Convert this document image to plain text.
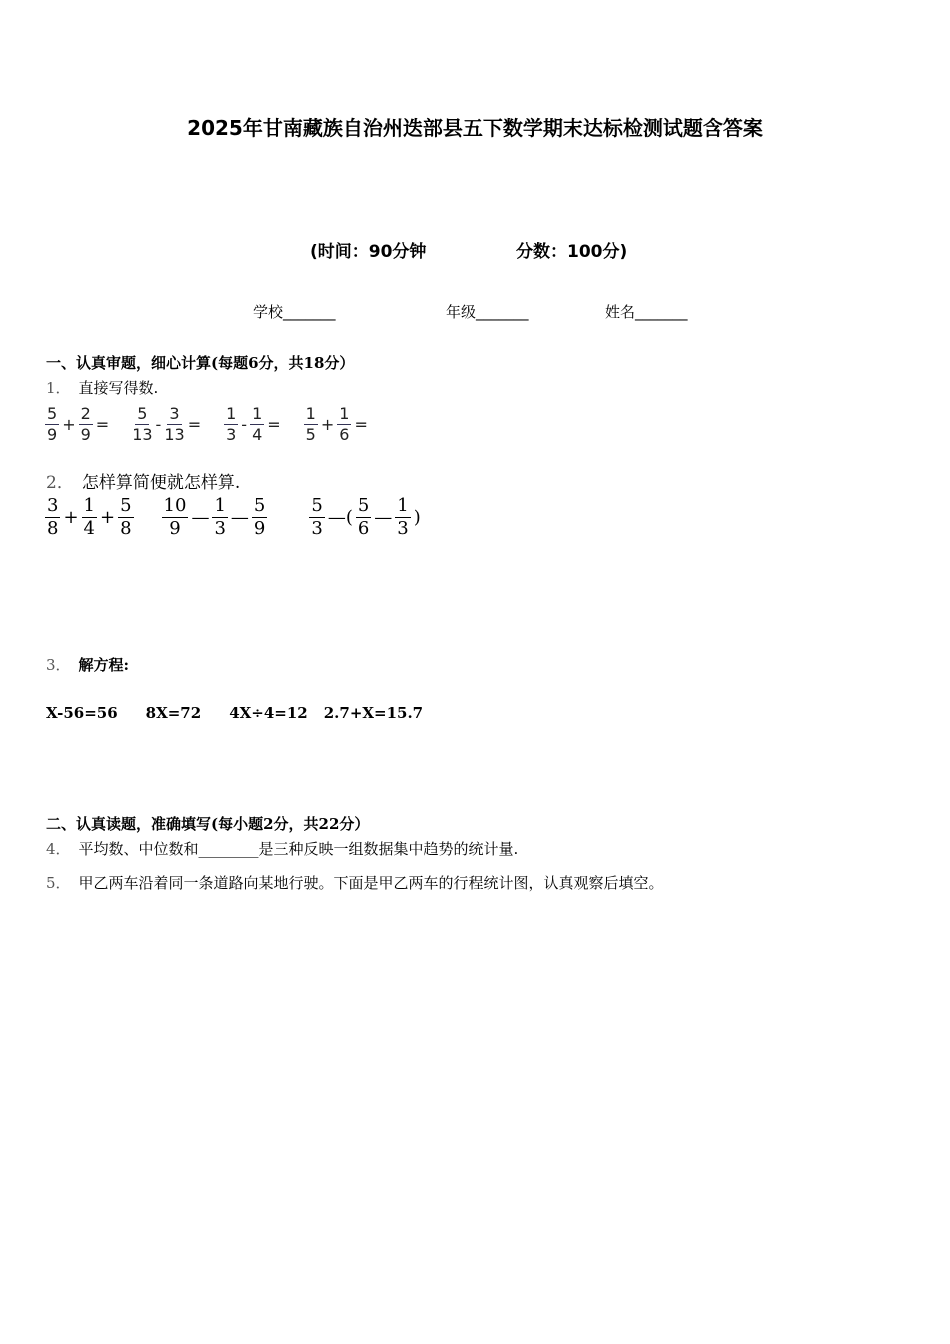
2025年甘南藏族自治州迭部县五下数学期末达标检测试题含答案
(时间：90分钟	分数：100分)
学校_______	年级_______	姓名_______
一、认真审题，细心计算(每题6分，共18分）
1． 直接写得数.
$\frac{5}{9} + \frac{2}{9} = \frac{5}{13} - \frac{3}{13} = \frac{1}{3} - \frac{1}{4} = \frac{1}{5} + \frac{1}{6}$ =
2． 怎样算简便就怎样算.
$\frac{3}{8} + \frac{1}{4} + \frac{5}{8} \frac{10}{9}$ — $\frac{1}{3}$ — $\frac{5}{9} \frac{5}{3}$ —( $\frac{5}{6}$ — $\frac{1}{3}$ )
3． 解方程:
X-56=56 8X=72 4X÷4=12 2.7+X=15.7
二、认真读题，准确填写(每小题2分，共22分）
4． 平均数、中位数和________是三种反映一组数据集中趋势的统计量.
5． 甲乙两车沿着同一条道路向某地行驶。下面是甲乙两车的行程统计图，认真观察后填空。
